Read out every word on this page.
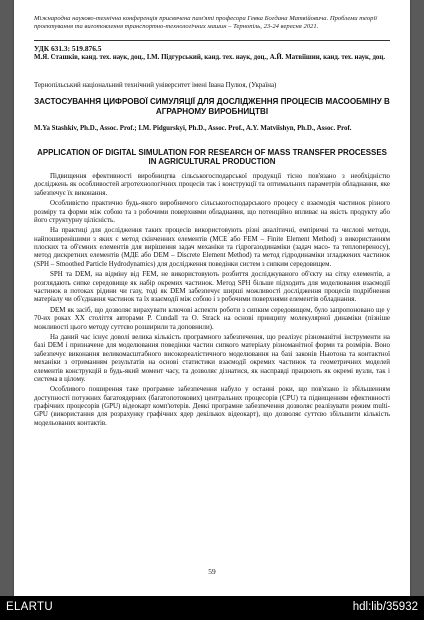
Міжнародна науково-технічна конференція присвячена пам'яті професора Гевка Богдана Матвійовича. Проблеми теорії проектування та виготовлення транспортно-технологічних машин – Тернопіль, 23-24 вересня 2021.
УДК 631.3: 519.876.5
М.Я. Сташків, канд. тех. наук, доц., І.М. Підгурський, канд. тех. наук, доц., А.Й. Матвіїшин, канд. тех. наук, доц.
Тернопільський національний технічний університет імені Івана Пулюя, (Україна)
ЗАСТОСУВАННЯ ЦИФРОВОЇ СИМУЛЯЦІЇ ДЛЯ ДОСЛІДЖЕННЯ ПРОЦЕСІВ МАСООБМІНУ В АГРАРНОМУ ВИРОБНИЦТВІ
M.Ya Stashkiv, Ph.D., Assoc. Prof.; I.M. Pidgurskyi, Ph.D., Assoc. Prof., A.Y. Matviishyn, Ph.D., Assoc. Prof.
APPLICATION OF DIGITAL SIMULATION FOR RESEARCH OF MASS TRANSFER PROCESSES IN AGRICULTURAL PRODUCTION

Підвищення ефективності виробництва сільськогосподарської продукції тісно пов'язано з необхідністю досліджень як особливостей агротехнологічних процесів так і конструкції та оптимальних параметрів обладнання, яке забезпечує їх виконання.

Особливістю практично будь-якого виробничого сільськогосподарського процесу є взаємодія частинок різного розміру та форми між собою та з робочими поверхнями обладнання, що потенційно впливає на якість продукту або його структурну цілісність.

На практиці для дослідження таких процесів використовують різні аналітичні, емпіричні та числові методи, найпоширенішими з яких є метод скінченних елементів (МСЕ або FEM – Finite Element Method) з використанням плоских та об'ємних елементів для вирішення задач механіки та гідрогазодинаміки (задач масо- та теплопереносу), метод дискретних елементів (МДЕ або DEM – Discrete Element Method) та метод гідродинаміки згладжених частинок (SPH – Smoothed Particle Hydrodynamics) для дослідження поведінки систем з сипким середовищем.

SPH та DEM, на відміну від FEM, не використовують розбиття досліджуваного об'єкту на сітку елементів, а розглядають сипке середовище як набір окремих частинок. Метод SPH більше підходить для моделювання взаємодії частинок в потоках рідини чи газу, тоді як DEM забезпечує ширші можливості дослідження процесів подрібнення матеріалу чи об'єднання частинок та їх взаємодії між собою і з робочими поверхнями елементів обладнання.

DEM як засіб, що дозволяє вирахувати ключові аспекти роботи з сипким середовищем, було запропоновано ще у 70-их роках ХХ століття авторами P. Cundall та O. Strack на основі принципу молекулярної динаміки (пізніше можливості цього методу суттєво розширили та доповнили).

На даний час існує доволі велика кількість програмного забезпечення, що реалізує різноманітні інструменти на базі DEM і призначене для моделювання поведінки частин сипкого матеріалу різноманітної форми та розмірів. Воно забезпечує виконання великомасштабного високореалістичного моделювання на базі законів Ньютона та контактної механіки з отриманням результатів на основі статистики взаємодії окремих частинок та геометричних моделей елементів конструкцій в будь-який момент часу, та дозволяє дізнатися, як насправді працюють як окремі вузли, так і система в цілому.

Особливого поширення таке програмне забезпечення набуло у останні роки, що пов'язано із збільшенням доступності потужних багатоядерних (багатопотокових) центральних процесорів (CPU) та підвищенням ефективності графічних процесорів (GPU) відеокарт комп'ютерів. Деякі програмне забезпечення дозволяє реалізувати режим multi-GPU (використання для розрахунку графічних ядер декількох відеокарт), що дозволяє суттєво збільшити кількість модельованих контактів.

59
ELARTU	hdl:lib/35932
